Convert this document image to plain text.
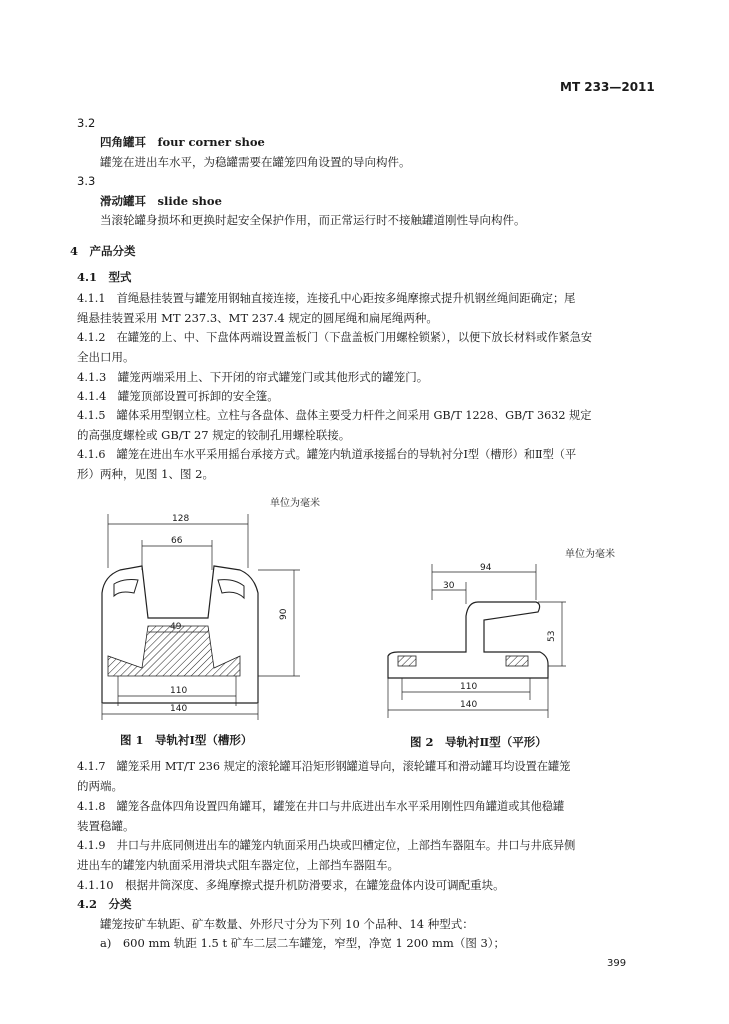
MT 233—2011
3.2
四角罐耳　four corner shoe
罐笼在进出车水平，为稳罐需要在罐笼四角设置的导向构件。
3.3
滑动罐耳　slide shoe
当滚轮罐身损坏和更换时起安全保护作用，而正常运行时不接触罐道刚性导向构件。
4　产品分类
4.1　型式
4.1.1　首绳悬挂装置与罐笼用钢轴直接连接，连接孔中心距按多绳摩擦式提升机钢丝绳间距确定；尾
绳悬挂装置采用 MT 237.3、MT 237.4 规定的圆尾绳和扁尾绳两种。
4.1.2　在罐笼的上、中、下盘体两端设置盖板门（下盘盖板门用螺栓锁紧），以便下放长材料或作紧急安
全出口用。
4.1.3　罐笼两端采用上、下开闭的帘式罐笼门或其他形式的罐笼门。
4.1.4　罐笼顶部设置可拆卸的安全篷。
4.1.5　罐体采用型钢立柱。立柱与各盘体、盘体主要受力杆件之间采用 GB/T 1228、GB/T 3632 规定
的高强度螺栓或 GB/T 27 规定的铰制孔用螺栓联接。
4.1.6　罐笼在进出车水平采用摇台承接方式。罐笼内轨道承接摇台的导轨衬分Ⅰ型（槽形）和Ⅱ型（平
形）两种，见图 1、图 2。
单位为毫米
128
66
49
90
110
140
图 1　导轨衬Ⅰ型（槽形）
单位为毫米
94
30
53
110
140
图 2　导轨衬Ⅱ型（平形）
4.1.7　罐笼采用 MT/T 236 规定的滚轮罐耳沿矩形钢罐道导向，滚轮罐耳和滑动罐耳均设置在罐笼
的两端。
4.1.8　罐笼各盘体四角设置四角罐耳，罐笼在井口与井底进出车水平采用刚性四角罐道或其他稳罐
装置稳罐。
4.1.9　井口与井底同侧进出车的罐笼内轨面采用凸块或凹槽定位，上部挡车器阻车。井口与井底异侧
进出车的罐笼内轨面采用滑块式阻车器定位，上部挡车器阻车。
4.1.10　根据井筒深度、多绳摩擦式提升机防滑要求，在罐笼盘体内设可调配重块。
4.2　分类
罐笼按矿车轨距、矿车数量、外形尺寸分为下列 10 个品种、14 种型式：
a)　600 mm 轨距 1.5 t 矿车二层二车罐笼，窄型，净宽 1 200 mm（图 3）；
399
